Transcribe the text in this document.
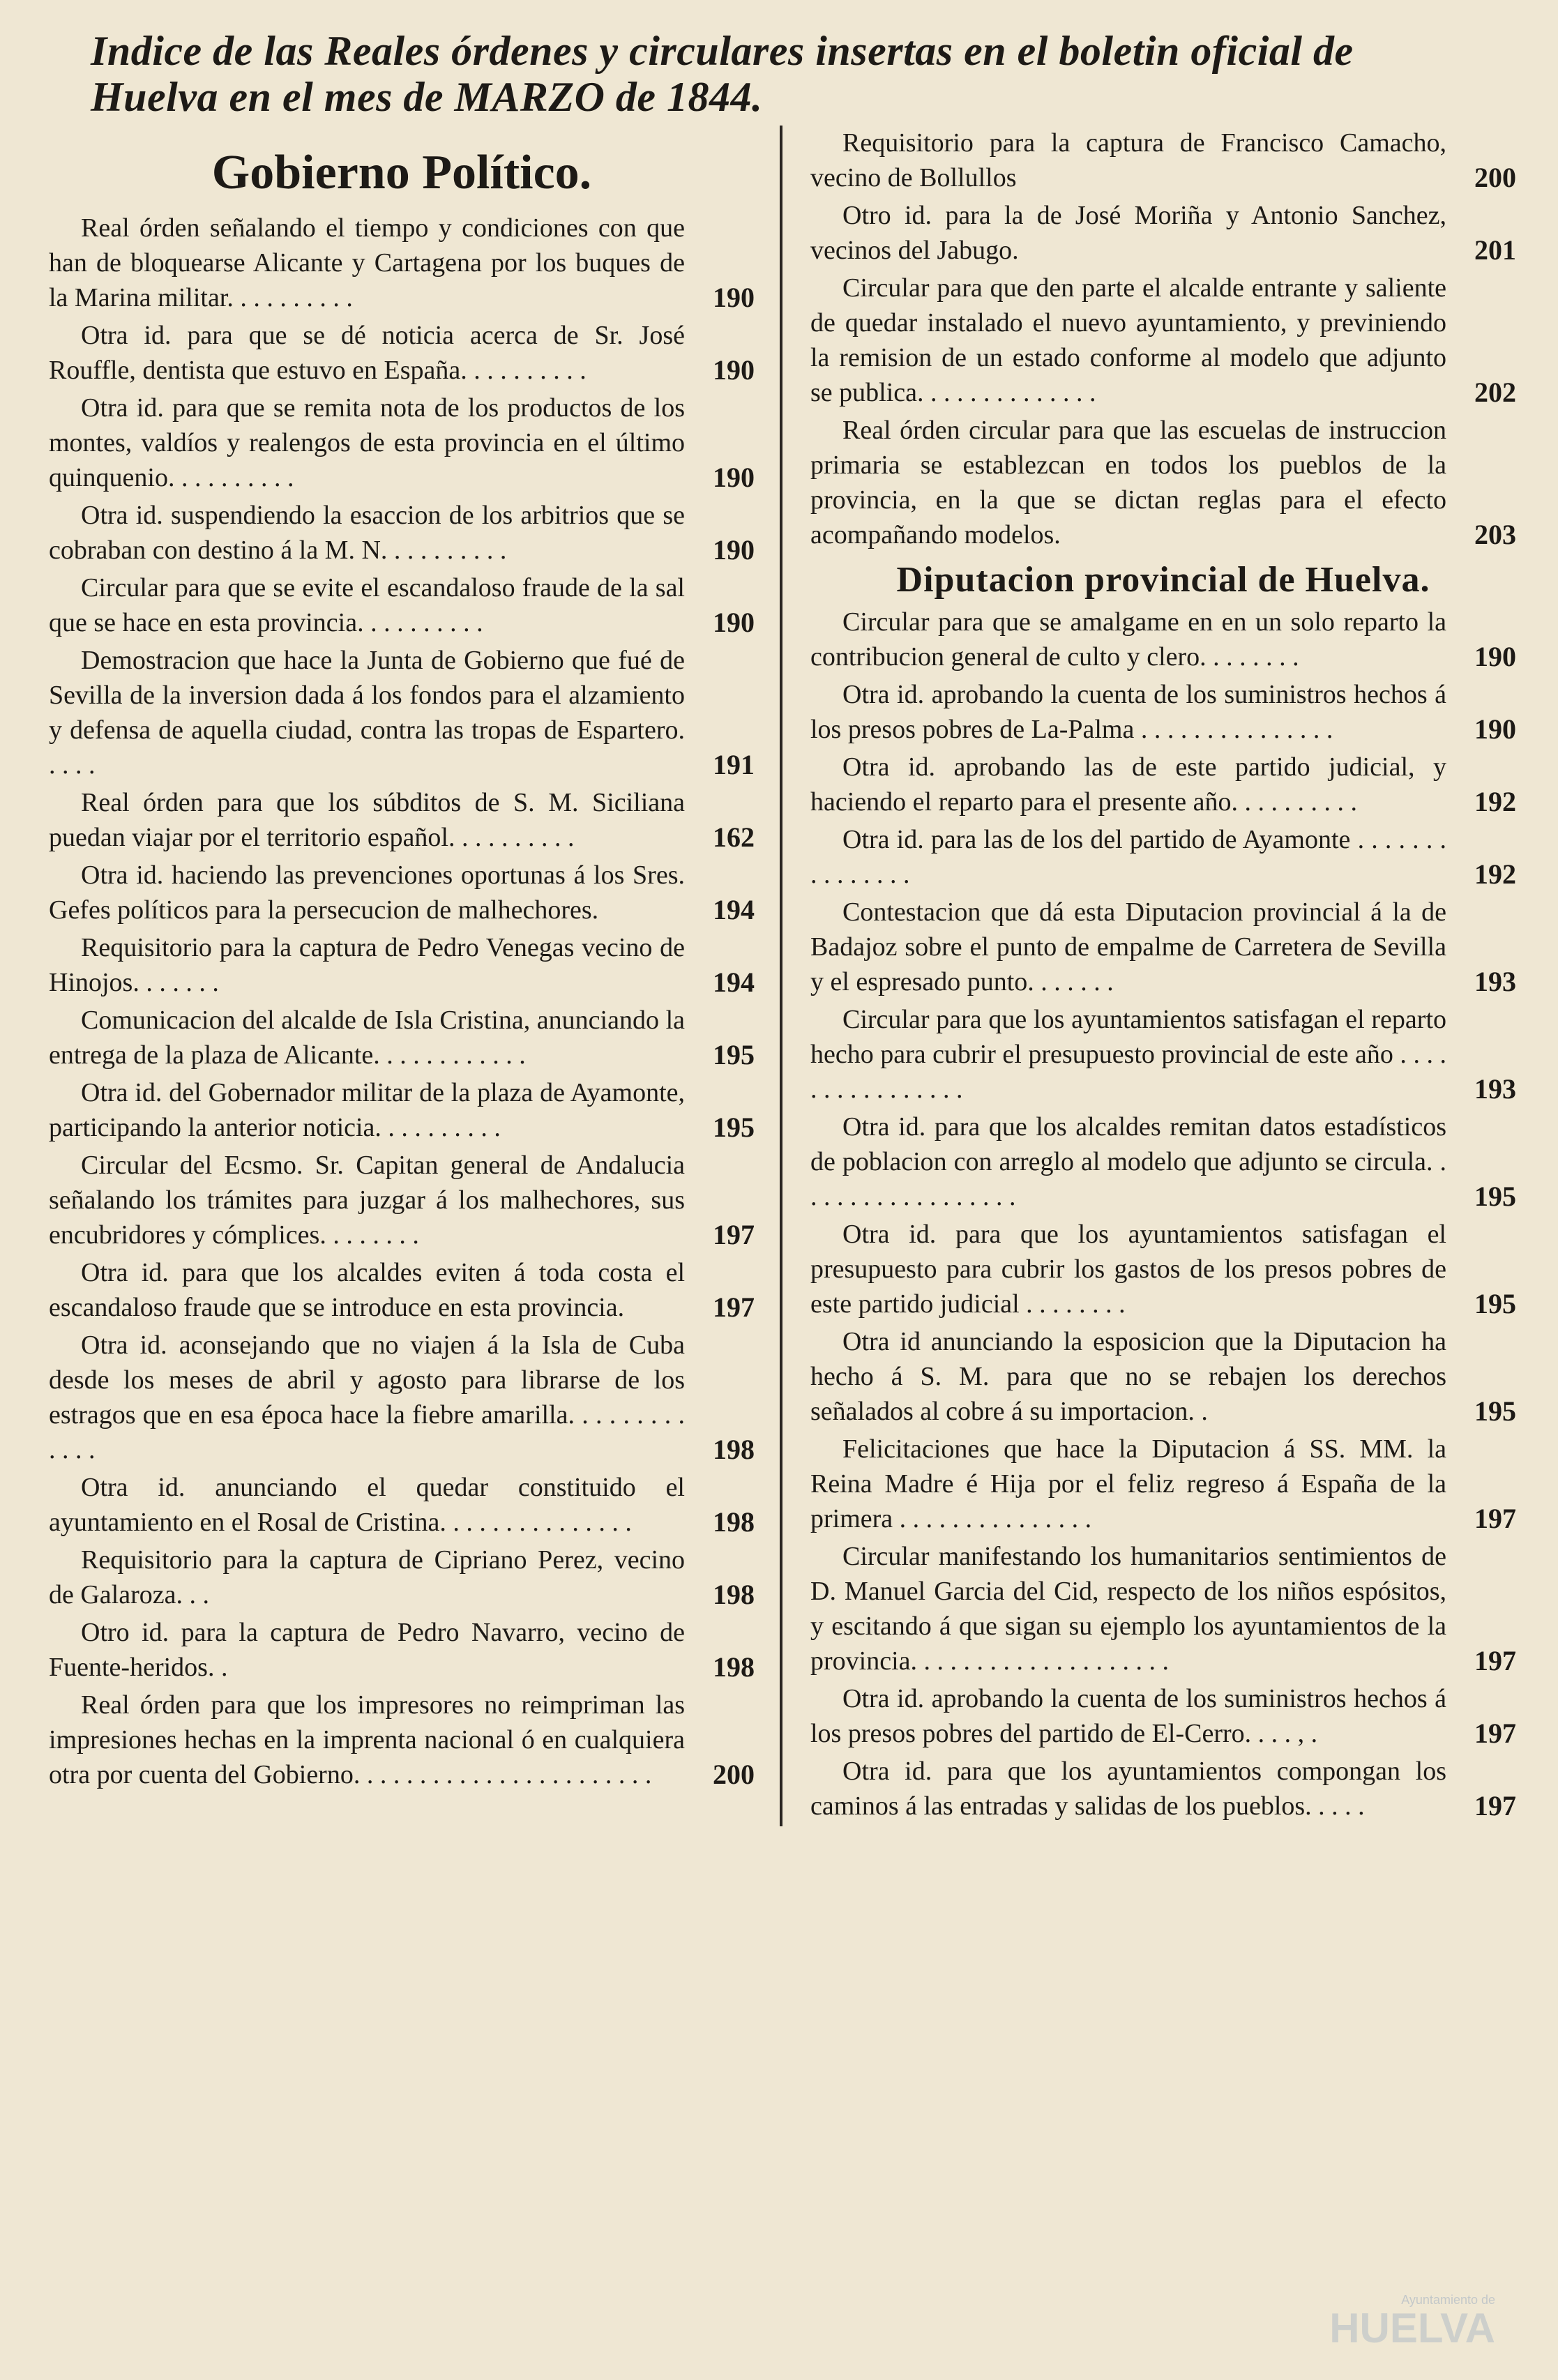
Indice de las Reales órdenes y circulares insertas en el boletin oficial de Huelva en el mes de MARZO de 1844.
Gobierno Político.
Real órden señalando el tiempo y condiciones con que han de bloquearse Alicante y Cartagena por los buques de la Marina militar. . . . . . . . . .	190
Otra id. para que se dé noticia acerca de Sr. José Rouffle, dentista que estuvo en España. . . . . . . . . .	190
Otra id. para que se remita nota de los productos de los montes, valdíos y realengos de esta provincia en el último quinquenio. . . . . . . . . .	190
Otra id. suspendiendo la esaccion de los arbitrios que se cobraban con destino á la M. N. . . . . . . . . .	190
Circular para que se evite el escandaloso fraude de la sal que se hace en esta provincia. . . . . . . . . .	190
Demostracion que hace la Junta de Gobierno que fué de Sevilla de la inversion dada á los fondos para el alzamiento y defensa de aquella ciudad, contra las tropas de Espartero. . . . .	191
Real órden para que los súbditos de S. M. Siciliana puedan viajar por el territorio español. . . . . . . . . .	162
Otra id. haciendo las prevenciones oportunas á los Sres. Gefes políticos para la persecucion de malhechores.	194
Requisitorio para la captura de Pedro Venegas vecino de Hinojos. . . . . . .	194
Comunicacion del alcalde de Isla Cristina, anunciando la entrega de la plaza de Alicante. . . . . . . . . . . .	195
Otra id. del Gobernador militar de la plaza de Ayamonte, participando la anterior noticia. . . . . . . . . .	195
Circular del Ecsmo. Sr. Capitan general de Andalucia señalando los trámites para juzgar á los malhechores, sus encubridores y cómplices. . . . . . . .	197
Otra id. para que los alcaldes eviten á toda costa el escandaloso fraude que se introduce en esta provincia.	197
Otra id. aconsejando que no viajen á la Isla de Cuba desde los meses de abril y agosto para librarse de los estragos que en esa época hace la fiebre amarilla. . . . . . . . . . . . .	198
Otra id. anunciando el quedar constituido el ayuntamiento en el Rosal de Cristina. . . . . . . . . . . . . . .	198
Requisitorio para la captura de Cipriano Perez, vecino de Galaroza. . .	198
Otro id. para la captura de Pedro Navarro, vecino de Fuente-heridos. .	198
Real órden para que los impresores no reimpriman las impresiones hechas en la imprenta nacional ó en cualquiera otra por cuenta del Gobierno. . . . . . . . . . . . . . . . . . . . . . .	200
Requisitorio para la captura de Francisco Camacho, vecino de Bollullos	200
Otro id. para la de José Moriña y Antonio Sanchez, vecinos del Jabugo.	201
Circular para que den parte el alcalde entrante y saliente de quedar instalado el nuevo ayuntamiento, y previniendo la remision de un estado conforme al modelo que adjunto se publica. . . . . . . . . . . . . .	202
Real órden circular para que las escuelas de instruccion primaria se establezcan en todos los pueblos de la provincia, en la que se dictan reglas para el efecto acompañando modelos.	203
Diputacion provincial de Huelva.
Circular para que se amalgame en en un solo reparto la contribucion general de culto y clero. . . . . . . .	190
Otra id. aprobando la cuenta de los suministros hechos á los presos pobres de La-Palma . . . . . . . . . . . . . . .	190
Otra id. aprobando las de este partido judicial, y haciendo el reparto para el presente año. . . . . . . . . .	192
Otra id. para las de los del partido de Ayamonte . . . . . . . . . . . . . . .	192
Contestacion que dá esta Diputacion provincial á la de Badajoz sobre el punto de empalme de Carretera de Sevilla y el espresado punto. . . . . . .	193
Circular para que los ayuntamientos satisfagan el reparto hecho para cubrir el presupuesto provincial de este año . . . . . . . . . . . . . . . .	193
Otra id. para que los alcaldes remitan datos estadísticos de poblacion con arreglo al modelo que adjunto se circula. . . . . . . . . . . . . . . . . .	195
Otra id. para que los ayuntamientos satisfagan el presupuesto para cubrir los gastos de los presos pobres de este partido judicial . . . . . . . .	195
Otra id anunciando la esposicion que la Diputacion ha hecho á S. M. para que no se rebajen los derechos señalados al cobre á su importacion. .	195
Felicitaciones que hace la Diputacion á SS. MM. la Reina Madre é Hija por el feliz regreso á España de la primera . . . . . . . . . . . . . . .	197
Circular manifestando los humanitarios sentimientos de D. Manuel Garcia del Cid, respecto de los niños espósitos, y escitando á que sigan su ejemplo los ayuntamientos de la provincia. . . . . . . . . . . . . . . . . . . .	197
Otra id. aprobando la cuenta de los suministros hechos á los presos pobres del partido de El-Cerro. . . . , .	197
Otra id. para que los ayuntamientos compongan los caminos á las entradas y salidas de los pueblos. . . . .	197
Ayuntamiento de
HUELVA
